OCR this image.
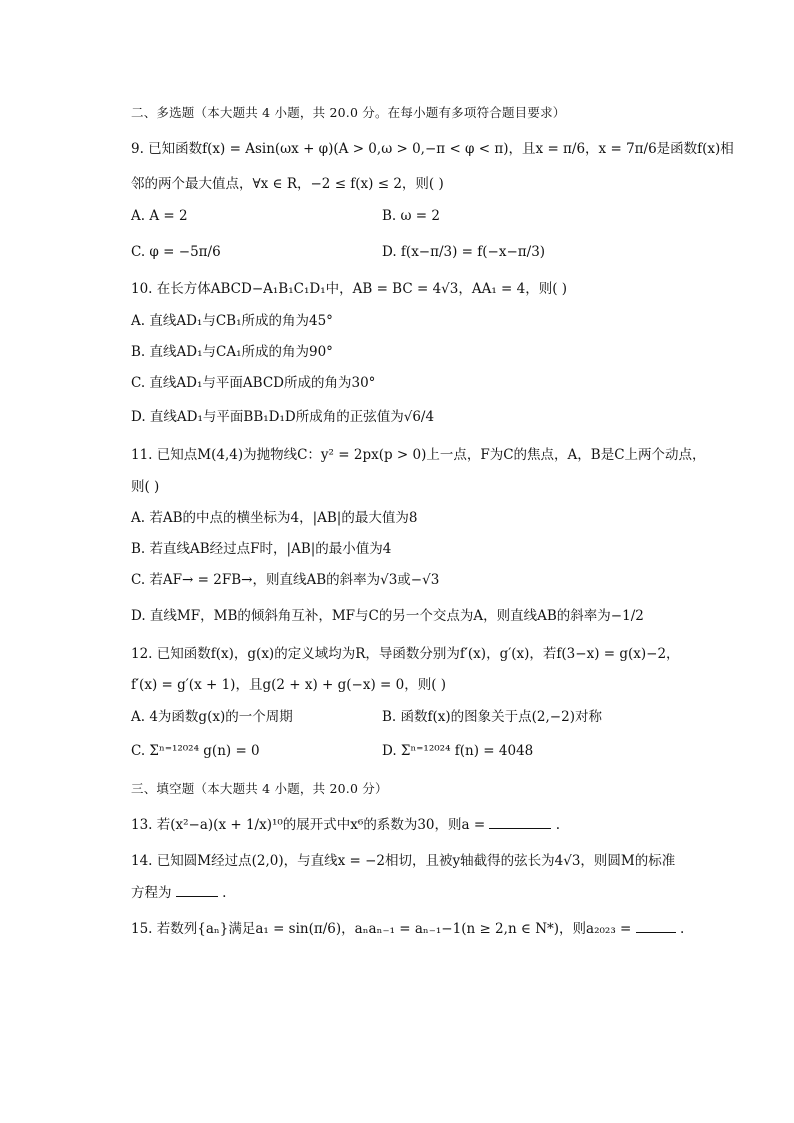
二、多选题（本大题共 4 小题，共 20.0 分。在每小题有多项符合题目要求）
9. 已知函数f(x) = Asin(ωx + φ)(A > 0,ω > 0,−π < φ < π)，且x = π/6，x = 7π/6是函数f(x)相
邻的两个最大值点，∀x ∈ R，−2 ≤ f(x) ≤ 2，则( )
A. A = 2	B. ω = 2
C. φ = −5π/6	D. f(x−π/3) = f(−x−π/3)
10. 在长方体ABCD−A₁B₁C₁D₁中，AB = BC = 4√3，AA₁ = 4，则( )
A. 直线AD₁与CB₁所成的角为45°
B. 直线AD₁与CA₁所成的角为90°
C. 直线AD₁与平面ABCD所成的角为30°
D. 直线AD₁与平面BB₁D₁D所成角的正弦值为√6/4
11. 已知点M(4,4)为抛物线C：y² = 2px(p > 0)上一点，F为C的焦点，A，B是C上两个动点，
则( )
A. 若AB的中点的横坐标为4，|AB|的最大值为8
B. 若直线AB经过点F时，|AB|的最小值为4
C. 若AF→ = 2FB→，则直线AB的斜率为√3或−√3
D. 直线MF，MB的倾斜角互补，MF与C的另一个交点为A，则直线AB的斜率为−1/2
12. 已知函数f(x)，g(x)的定义域均为R，导函数分别为f′(x)，g′(x)，若f(3−x) = g(x)−2，
f′(x) = g′(x + 1)，且g(2 + x) + g(−x) = 0，则( )
A. 4为函数g(x)的一个周期	B. 函数f(x)的图象关于点(2,−2)对称
C. Σⁿ⁼¹²⁰²⁴ g(n) = 0	D. Σⁿ⁼¹²⁰²⁴ f(n) = 4048
三、填空题（本大题共 4 小题，共 20.0 分）
13. 若(x²−a)(x + 1/x)¹⁰的展开式中x⁶的系数为30，则a =	.
14. 已知圆M经过点(2,0)，与直线x = −2相切，且被y轴截得的弦长为4√3，则圆M的标准
方程为	.
15. 若数列{aₙ}满足a₁ = sin(π/6)，aₙaₙ₋₁ = aₙ₋₁−1(n ≥ 2,n ∈ N*)，则a₂₀₂₃ =	.
